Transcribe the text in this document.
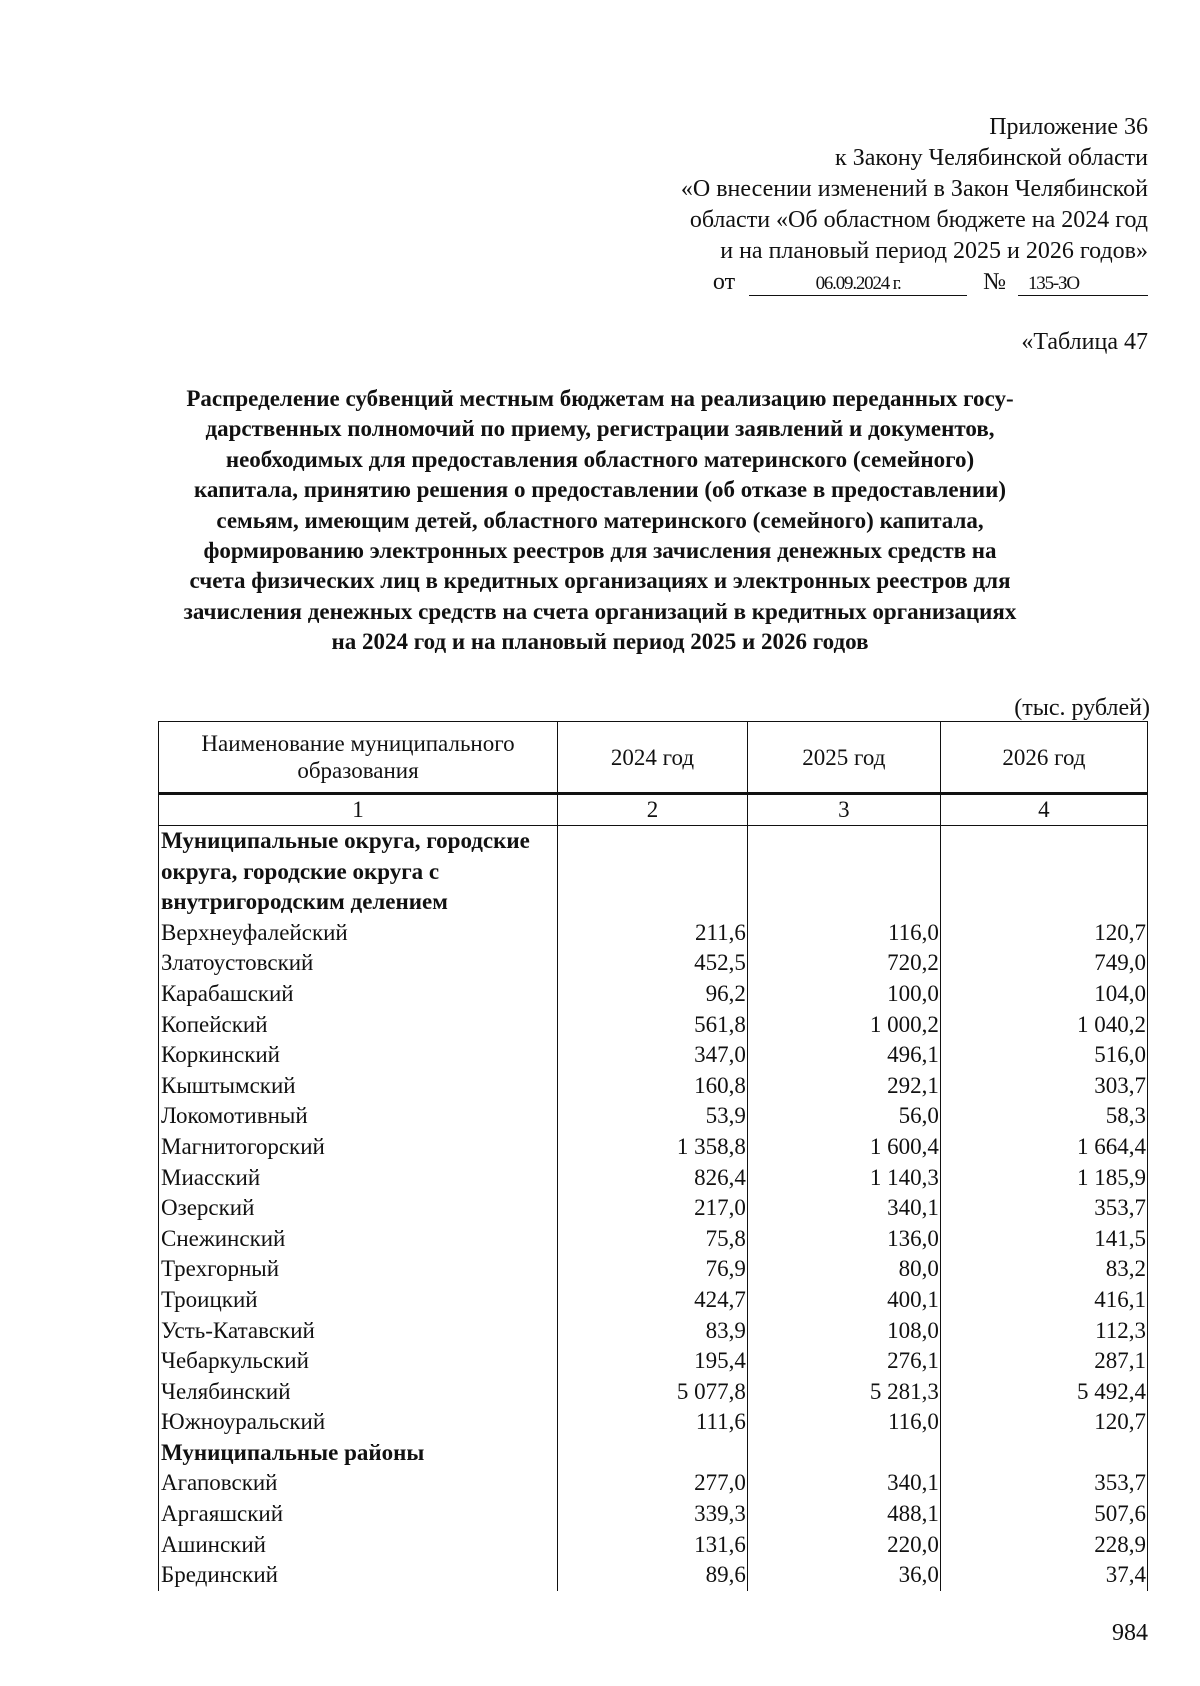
Приложение 36
к Закону Челябинской области
«О внесении изменений в Закон Челябинской
области «Об областном бюджете на 2024 год
и на плановый период 2025 и 2026 годов»
от	06.09.2024 г.	№ 135-ЗО
«Таблица 47
Распределение субвенций местным бюджетам на реализацию переданных госу-
дарственных полномочий по приему, регистрации заявлений и документов,
необходимых для предоставления областного материнского (семейного)
капитала, принятию решения о предоставлении (об отказе в предоставлении)
семьям, имеющим детей, областного материнского (семейного) капитала,
формированию электронных реестров для зачисления денежных средств на
счета физических лиц в кредитных организациях и электронных реестров для
зачисления денежных средств на счета организаций в кредитных организациях
на 2024 год и на плановый период 2025 и 2026 годов
(тыс. рублей)
Наименование муниципального образования	2024 год	2025 год	2026 год
1	2	3	4
Муниципальные округа, городские округа, городские округа с внутригородским делением			
Верхнеуфалейский	211,6	116,0	120,7
Златоустовский	452,5	720,2	749,0
Карабашский	96,2	100,0	104,0
Копейский	561,8	1 000,2	1 040,2
Коркинский	347,0	496,1	516,0
Кыштымский	160,8	292,1	303,7
Локомотивный	53,9	56,0	58,3
Магнитогорский	1 358,8	1 600,4	1 664,4
Миасский	826,4	1 140,3	1 185,9
Озерский	217,0	340,1	353,7
Снежинский	75,8	136,0	141,5
Трехгорный	76,9	80,0	83,2
Троицкий	424,7	400,1	416,1
Усть-Катавский	83,9	108,0	112,3
Чебаркульский	195,4	276,1	287,1
Челябинский	5 077,8	5 281,3	5 492,4
Южноуральский	111,6	116,0	120,7
Муниципальные районы			
Агаповский	277,0	340,1	353,7
Аргаяшский	339,3	488,1	507,6
Ашинский	131,6	220,0	228,9
Брединский	89,6	36,0	37,4
984
